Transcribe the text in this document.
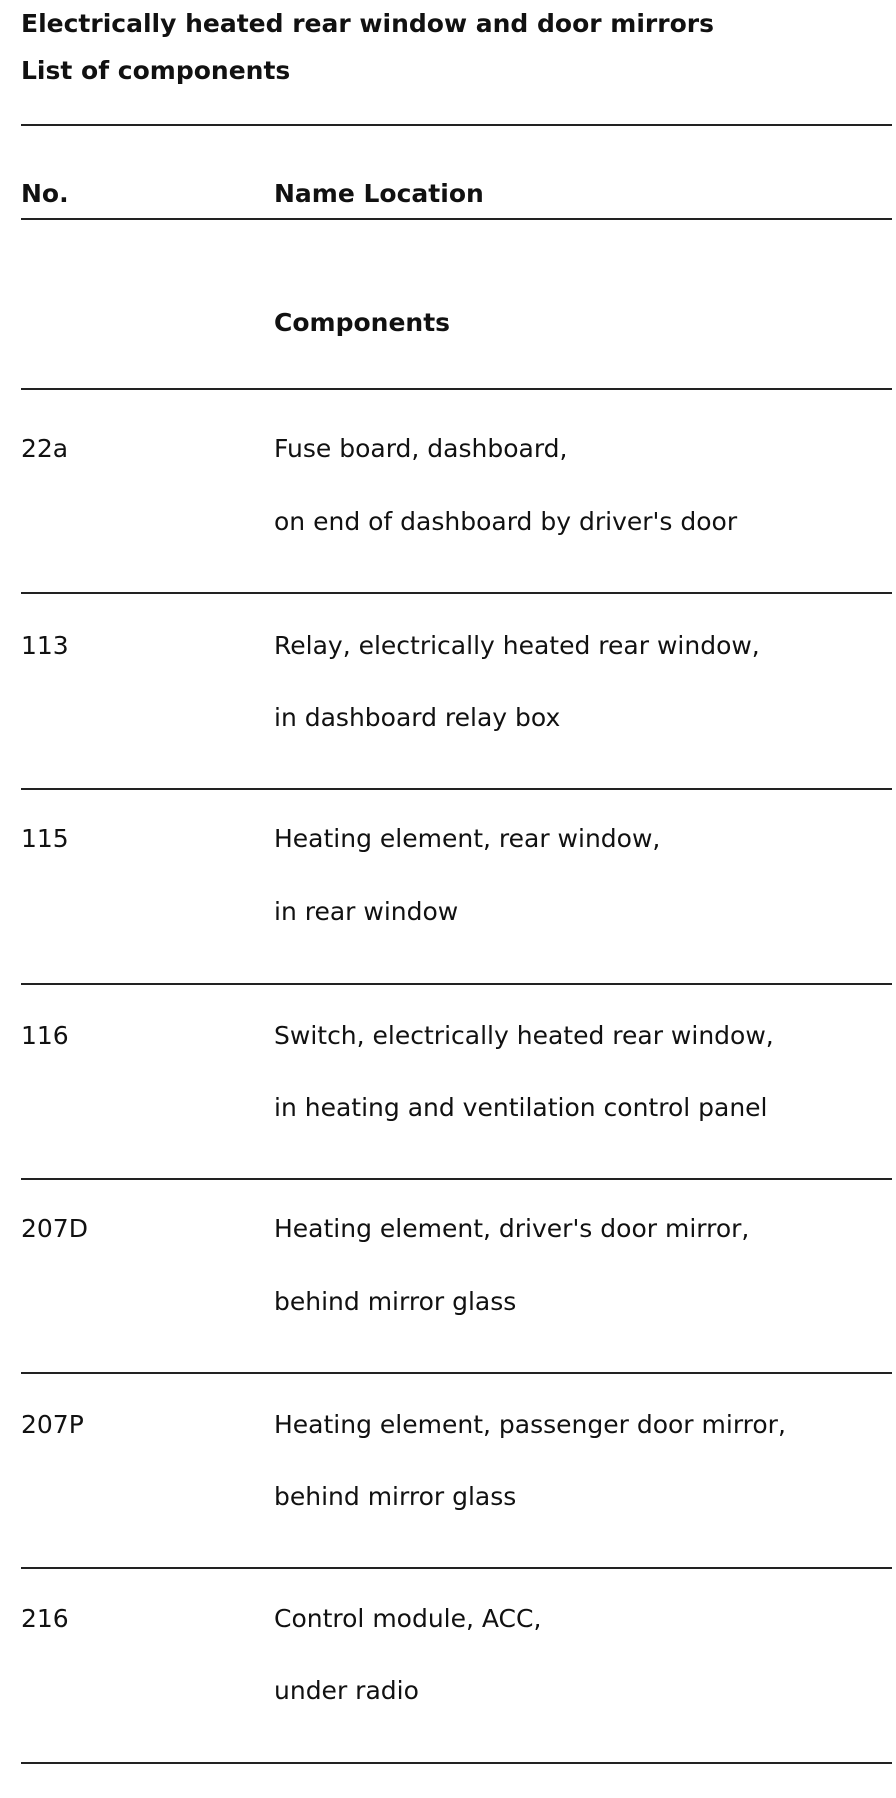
Electrically heated rear window and door mirrors
List of components
No.	Name Location
Components
22a	Fuse board, dashboard,
on end of dashboard by driver's door
113	Relay, electrically heated rear window,
in dashboard relay box
115	Heating element, rear window,
in rear window
116	Switch, electrically heated rear window,
in heating and ventilation control panel
207D	Heating element, driver's door mirror,
behind mirror glass
207P	Heating element, passenger door mirror,
behind mirror glass
216	Control module, ACC,
under radio
